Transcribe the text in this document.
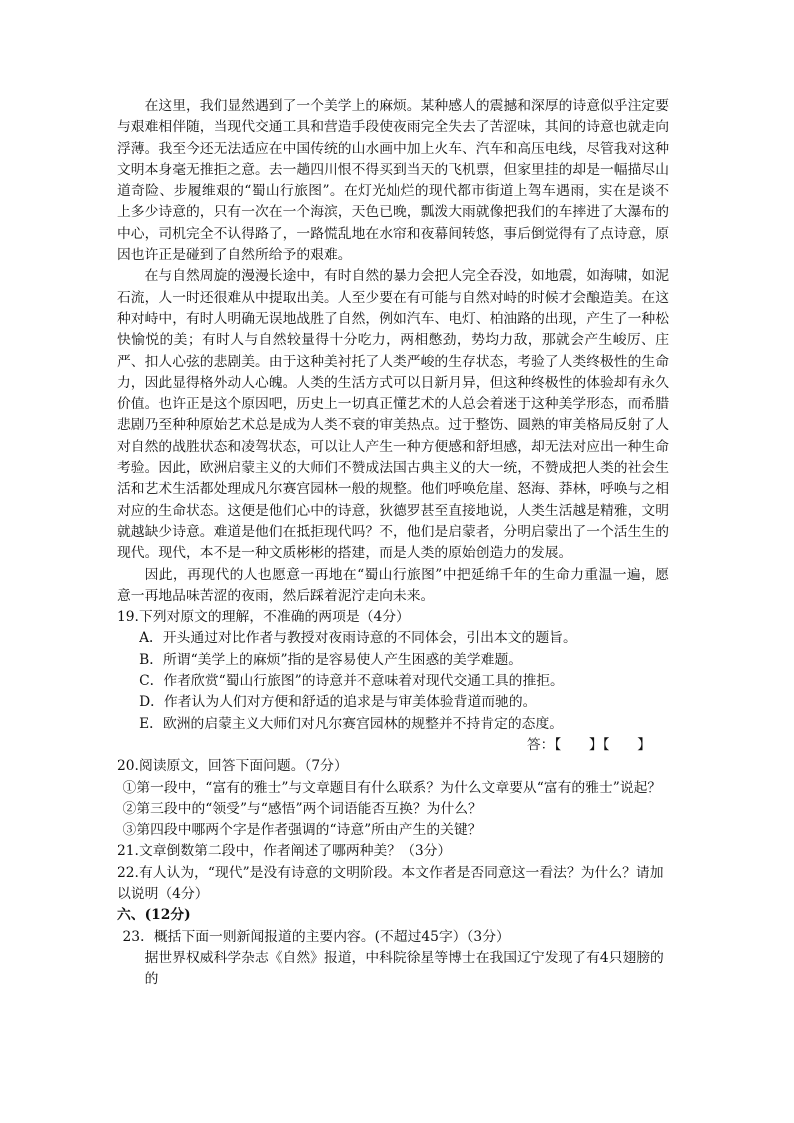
在这里，我们显然遇到了一个美学上的麻烦。某种感人的震撼和深厚的诗意似乎注定要与艰难相伴随，当现代交通工具和营造手段使夜雨完全失去了苦涩味，其间的诗意也就走向浮薄。我至今还无法适应在中国传统的山水画中加上火车、汽车和高压电线，尽管我对这种文明本身毫无推拒之意。去一趟四川恨不得买到当天的飞机票，但家里挂的却是一幅描尽山道奇险、步履维艰的“蜀山行旅图”。在灯光灿烂的现代都市街道上驾车遇雨，实在是谈不上多少诗意的，只有一次在一个海滨，天色已晚，瓢泼大雨就像把我们的车摔进了大瀑布的中心，司机完全不认得路了，一路慌乱地在水帘和夜幕间转悠，事后倒觉得有了点诗意，原因也许正是碰到了自然所给予的艰难。

在与自然周旋的漫漫长途中，有时自然的暴力会把人完全吞没，如地震，如海啸，如泥石流，人一时还很难从中提取出美。人至少要在有可能与自然对峙的时候才会酿造美。在这种对峙中，有时人明确无误地战胜了自然，例如汽车、电灯、柏油路的出现，产生了一种松快愉悦的美；有时人与自然较量得十分吃力，两相憋劲，势均力敌，那就会产生峻厉、庄严、扣人心弦的悲剧美。由于这种美衬托了人类严峻的生存状态，考验了人类终极性的生命力，因此显得格外动人心魄。人类的生活方式可以日新月异，但这种终极性的体验却有永久价值。也许正是这个原因吧，历史上一切真正懂艺术的人总会着迷于这种美学形态，而希腊悲剧乃至种种原始艺术总是成为人类不衰的审美热点。过于整饬、圆熟的审美格局反射了人对自然的战胜状态和凌驾状态，可以让人产生一种方便感和舒坦感，却无法对应出一种生命考验。因此，欧洲启蒙主义的大师们不赞成法国古典主义的大一统，不赞成把人类的社会生活和艺术生活都处理成凡尔赛宫园林一般的规整。他们呼唤危崖、怒海、莽林，呼唤与之相对应的生命状态。这便是他们心中的诗意，狄德罗甚至直接地说，人类生活越是精雅，文明就越缺少诗意。难道是他们在抵拒现代吗？不，他们是启蒙者，分明启蒙出了一个活生生的现代。现代，本不是一种文质彬彬的搭建，而是人类的原始创造力的发展。

因此，再现代的人也愿意一再地在“蜀山行旅图”中把延绵千年的生命力重温一遍，愿意一再地品味苦涩的夜雨，然后踩着泥泞走向未来。

19.下列对原文的理解，不准确的两项是（4分）

A．开头通过对比作者与教授对夜雨诗意的不同体会，引出本文的题旨。

B．所谓“美学上的麻烦”指的是容易使人产生困惑的美学难题。

C．作者欣赏“蜀山行旅图”的诗意并不意味着对现代交通工具的推拒。

D．作者认为人们对方便和舒适的追求是与审美体验背道而驰的。

E．欧洲的启蒙主义大师们对凡尔赛宫园林的规整并不持肯定的态度。

答：【　　】【　　】

20.阅读原文，回答下面问题。（7分）

①第一段中，“富有的雅士”与文章题目有什么联系？为什么文章要从“富有的雅士”说起？

②第三段中的“领受”与“感悟”两个词语能否互换？为什么？

③第四段中哪两个字是作者强调的“诗意”所由产生的关键？

21.文章倒数第二段中，作者阐述了哪两种美？（3分）

22.有人认为，“现代”是没有诗意的文明阶段。本文作者是否同意这一看法？为什么？请加以说明（4分）

六、(12分)

23．概括下面一则新闻报道的主要内容。(不超过45字）（3分）

据世界权威科学杂志《自然》报道，中科院徐星等博士在我国辽宁发现了有4只翅膀的
的
